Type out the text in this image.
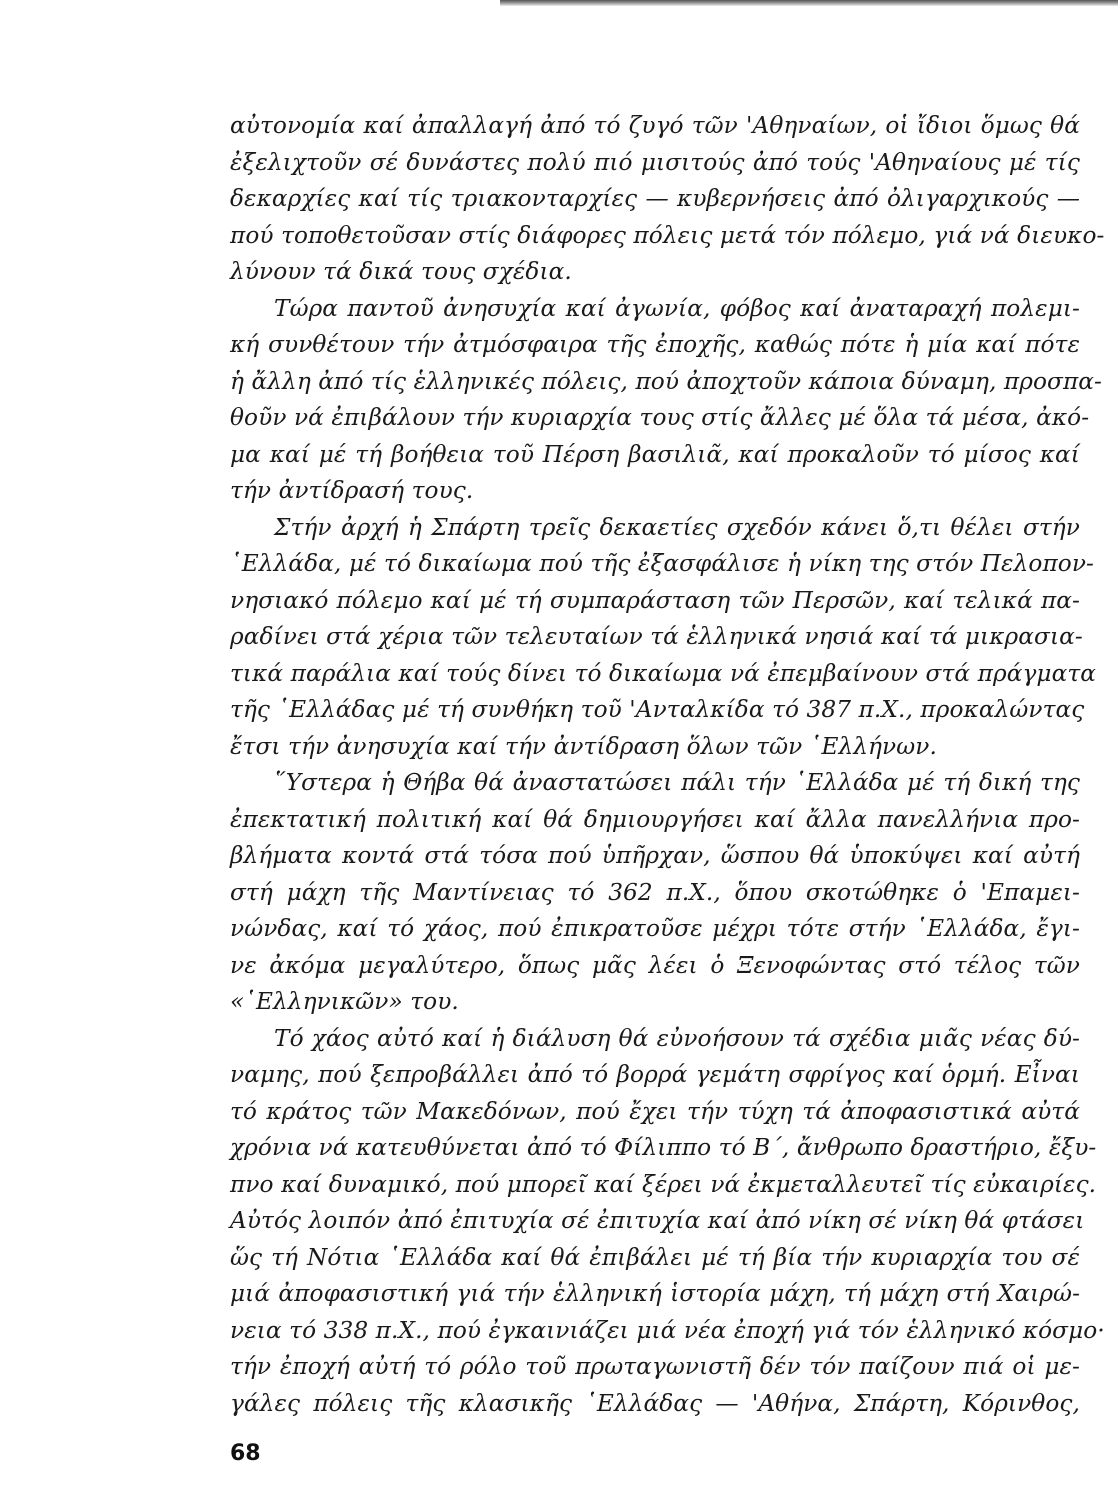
αὐτονομία καί ἀπαλλαγή ἀπό τό ζυγό τῶν 'Αθηναίων, οἱ ἴδιοι ὅμως θά
ἐξελιχτοῦν σέ δυνάστες πολύ πιό μισιτούς ἀπό τούς 'Αθηναίους μέ τίς
δεκαρχίες καί τίς τριακονταρχίες — κυβερνήσεις ἀπό ὀλιγαρχικούς —
πού τοποθετοῦσαν στίς διάφορες πόλεις μετά τόν πόλεμο, γιά νά διευκο-
λύνουν τά δικά τους σχέδια.
Τώρα παντοῦ ἀνησυχία καί ἀγωνία, φόβος καί ἀναταραχή πολεμι-
κή συνθέτουν τήν ἀτμόσφαιρα τῆς ἐποχῆς, καθώς πότε ἡ μία καί πότε
ἡ ἄλλη ἀπό τίς ἑλληνικές πόλεις, πού ἀποχτοῦν κάποια δύναμη, προσπα-
θοῦν νά ἐπιβάλουν τήν κυριαρχία τους στίς ἄλλες μέ ὅλα τά μέσα, ἀκό-
μα καί μέ τή βοήθεια τοῦ Πέρση βασιλιᾶ, καί προκαλοῦν τό μίσος καί
τήν ἀντίδρασή τους.
Στήν ἀρχή ἡ Σπάρτη τρεῖς δεκαετίες σχεδόν κάνει ὅ,τι θέλει στήν
῾Ελλάδα, μέ τό δικαίωμα πού τῆς ἐξασφάλισε ἡ νίκη της στόν Πελοπον-
νησιακό πόλεμο καί μέ τή συμπαράσταση τῶν Περσῶν, καί τελικά πα-
ραδίνει στά χέρια τῶν τελευταίων τά ἑλληνικά νησιά καί τά μικρασια-
τικά παράλια καί τούς δίνει τό δικαίωμα νά ἐπεμβαίνουν στά πράγματα
τῆς ῾Ελλάδας μέ τή συνθήκη τοῦ 'Ανταλκίδα τό 387 π.Χ., προκαλώντας
ἔτσι τήν ἀνησυχία καί τήν ἀντίδραση ὅλων τῶν ῾Ελλήνων.
῞Υστερα ἡ Θήβα θά ἀναστατώσει πάλι τήν ῾Ελλάδα μέ τή δική της
ἐπεκτατική πολιτική καί θά δημιουργήσει καί ἄλλα πανελλήνια προ-
βλήματα κοντά στά τόσα πού ὑπῆρχαν, ὥσπου θά ὑποκύψει καί αὐτή
στή μάχη τῆς Μαντίνειας τό 362 π.Χ., ὅπου σκοτώθηκε ὁ 'Επαμει-
νώνδας, καί τό χάος, πού ἐπικρατοῦσε μέχρι τότε στήν ῾Ελλάδα, ἔγι-
νε ἀκόμα μεγαλύτερο, ὅπως μᾶς λέει ὁ Ξενοφώντας στό τέλος τῶν
«῾Ελληνικῶν» του.
Τό χάος αὐτό καί ἡ διάλυση θά εὐνοήσουν τά σχέδια μιᾶς νέας δύ-
ναμης, πού ξεπροβάλλει ἀπό τό βορρά γεμάτη σφρίγος καί ὁρμή. Εἶναι
τό κράτος τῶν Μακεδόνων, πού ἔχει τήν τύχη τά ἀποφασιστικά αὐτά
χρόνια νά κατευθύνεται ἀπό τό Φίλιππο τό Β΄, ἄνθρωπο δραστήριο, ἔξυ-
πνο καί δυναμικό, πού μπορεῖ καί ξέρει νά ἐκμεταλλευτεῖ τίς εὐκαιρίες.
Αὐτός λοιπόν ἀπό ἐπιτυχία σέ ἐπιτυχία καί ἀπό νίκη σέ νίκη θά φτάσει
ὥς τή Νότια ῾Ελλάδα καί θά ἐπιβάλει μέ τή βία τήν κυριαρχία του σέ
μιά ἀποφασιστική γιά τήν ἑλληνική ἱστορία μάχη, τή μάχη στή Χαιρώ-
νεια τό 338 π.Χ., πού ἐγκαινιάζει μιά νέα ἐποχή γιά τόν ἑλληνικό κόσμο·
τήν ἐποχή αὐτή τό ρόλο τοῦ πρωταγωνιστῆ δέν τόν παίζουν πιά οἱ με-
γάλες πόλεις τῆς κλασικῆς ῾Ελλάδας — 'Αθήνα, Σπάρτη, Κόρινθος,
68
